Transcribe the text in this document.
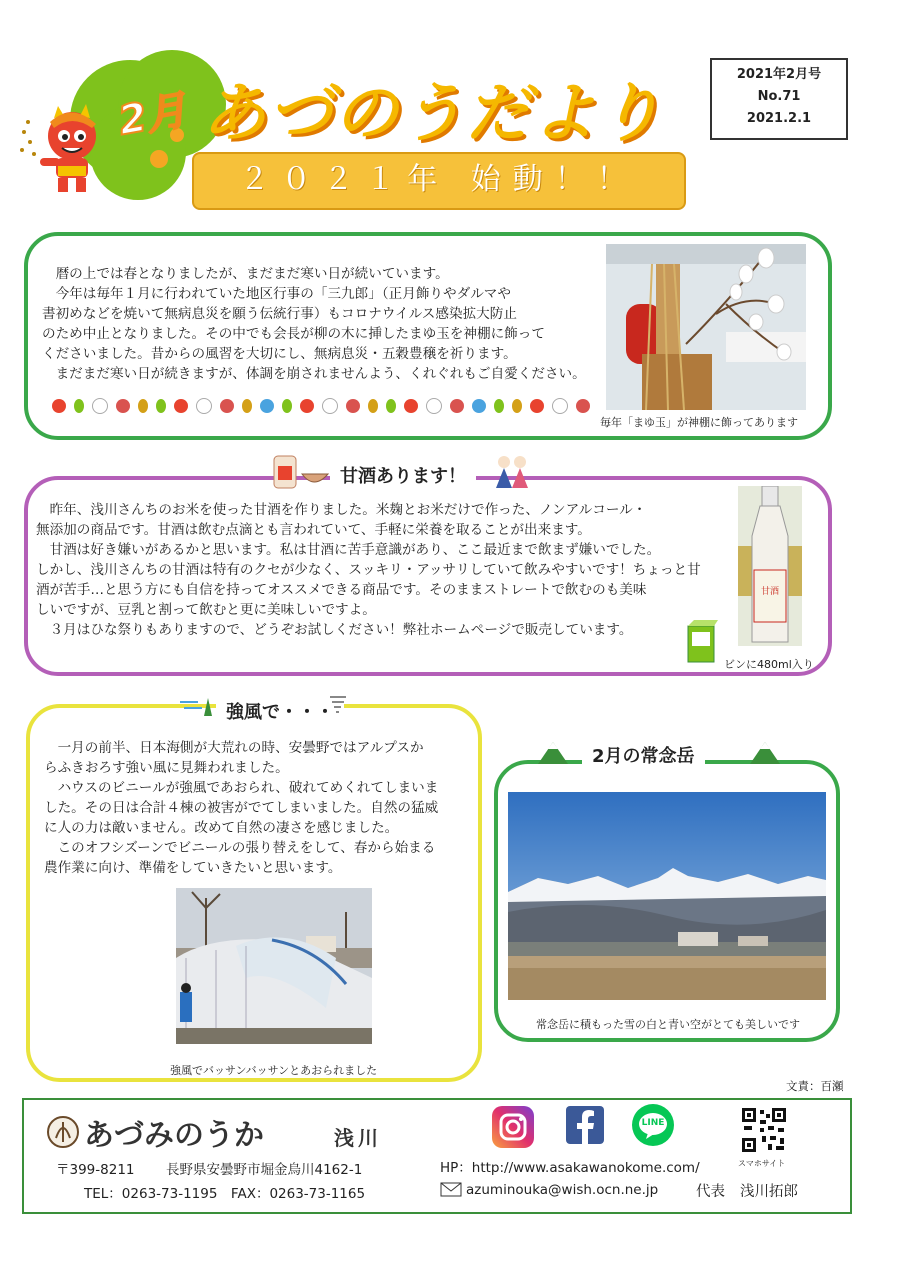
2月 あづのうだより
2021年2月号
No.71
2021.2.1
２０２１年 始動！！
　暦の上では春となりましたが、まだまだ寒い日が続いています。
　今年は毎年１月に行われていた地区行事の「三九郎」（正月飾りやダルマや
書初めなどを焼いて無病息災を願う伝統行事）もコロナウイルス感染拡大防止
のため中止となりました。その中でも会長が柳の木に挿したまゆ玉を神棚に飾って
くださいました。昔からの風習を大切にし、無病息災・五穀豊穣を祈ります。
　まだまだ寒い日が続きますが、体調を崩されませんよう、くれぐれもご自愛ください。
毎年「まゆ玉」が神棚に飾ってあります
甘酒あります！
　昨年、浅川さんちのお米を使った甘酒を作りました。米麹とお米だけで作った、ノンアルコール・
無添加の商品です。甘酒は飲む点滴とも言われていて、手軽に栄養を取ることが出来ます。
　甘酒は好き嫌いがあるかと思います。私は甘酒に苦手意識があり、ここ最近まで飲まず嫌いでした。
しかし、浅川さんちの甘酒は特有のクセが少なく、スッキリ・アッサリしていて飲みやすいです！ちょっと甘
酒が苦手…と思う方にも自信を持ってオススメできる商品です。そのままストレートで飲むのも美味
しいですが、豆乳と割って飲むと更に美味しいですよ。
　３月はひな祭りもありますので、どうぞお試しください！弊社ホームページで販売しています。
甘酒
ビンに480ml入り
強風で・・・
　一月の前半、日本海側が大荒れの時、安曇野ではアルプスか
らふきおろす強い風に見舞われました。
　ハウスのビニールが強風であおられ、破れてめくれてしまいま
した。その日は合計４棟の被害がでてしまいました。自然の猛威
に人の力は敵いません。改めて自然の凄さを感じました。
　このオフシズーンでビニールの張り替えをして、春から始まる
農作業に向け、準備をしていきたいと思います。
強風でバッサンバッサンとあおられました
2月の常念岳
常念岳に積もった雪の白と青い空がとても美しいです
文責：百瀬
あづみのうか	浅川
〒399-8211 長野県安曇野市堀金烏川4162-1
TEL：0263-73-1195　FAX：0263-73-1165
HP：http://www.asakawanokome.com/
azuminouka@wish.ocn.ne.jp	代表 浅川拓郎
LINE
スマホサイト
